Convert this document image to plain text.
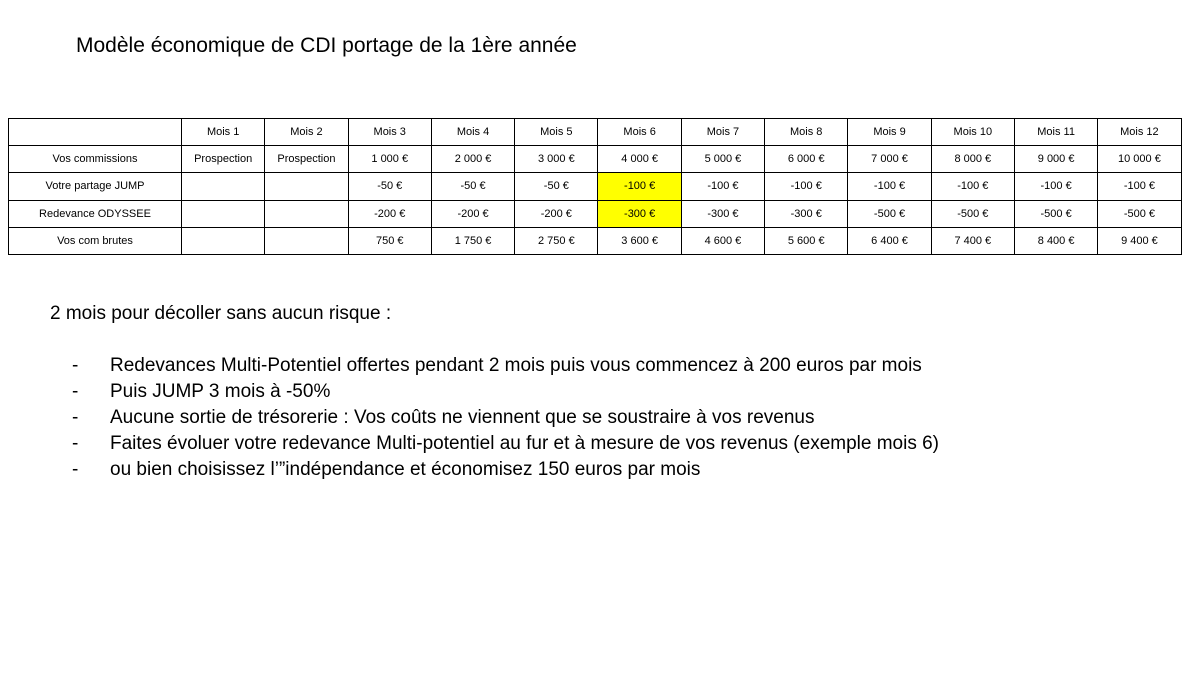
Modèle économique de CDI portage de la 1ère année
	Mois 1	Mois 2	Mois 3	Mois 4	Mois 5	Mois 6	Mois 7	Mois 8	Mois 9	Mois 10	Mois 11	Mois 12
Vos commissions	Prospection	Prospection	1 000 €	2 000 €	3 000 €	4 000 €	5 000 €	6 000 €	7 000 €	8 000 €	9 000 €	10 000 €
Votre partage JUMP			-50 €	-50 €	-50 €	-100 €	-100 €	-100 €	-100 €	-100 €	-100 €	-100 €
Redevance ODYSSEE			-200 €	-200 €	-200 €	-300 €	-300 €	-300 €	-500 €	-500 €	-500 €	-500 €
Vos com brutes			750 €	1 750 €	2 750 €	3 600 €	4 600 €	5 600 €	6 400 €	7 400 €	8 400 €	9 400 €
2 mois pour décoller sans aucun risque :
- Redevances Multi-Potentiel offertes pendant 2 mois puis vous commencez à 200 euros par mois
- Puis JUMP 3 mois à -50%
- Aucune sortie de trésorerie : Vos coûts ne viennent que se soustraire à vos revenus
- Faites évoluer votre redevance Multi-potentiel au fur et à mesure de vos revenus (exemple mois 6)
- ou bien choisissez l’”indépendance et économisez 150 euros par mois
